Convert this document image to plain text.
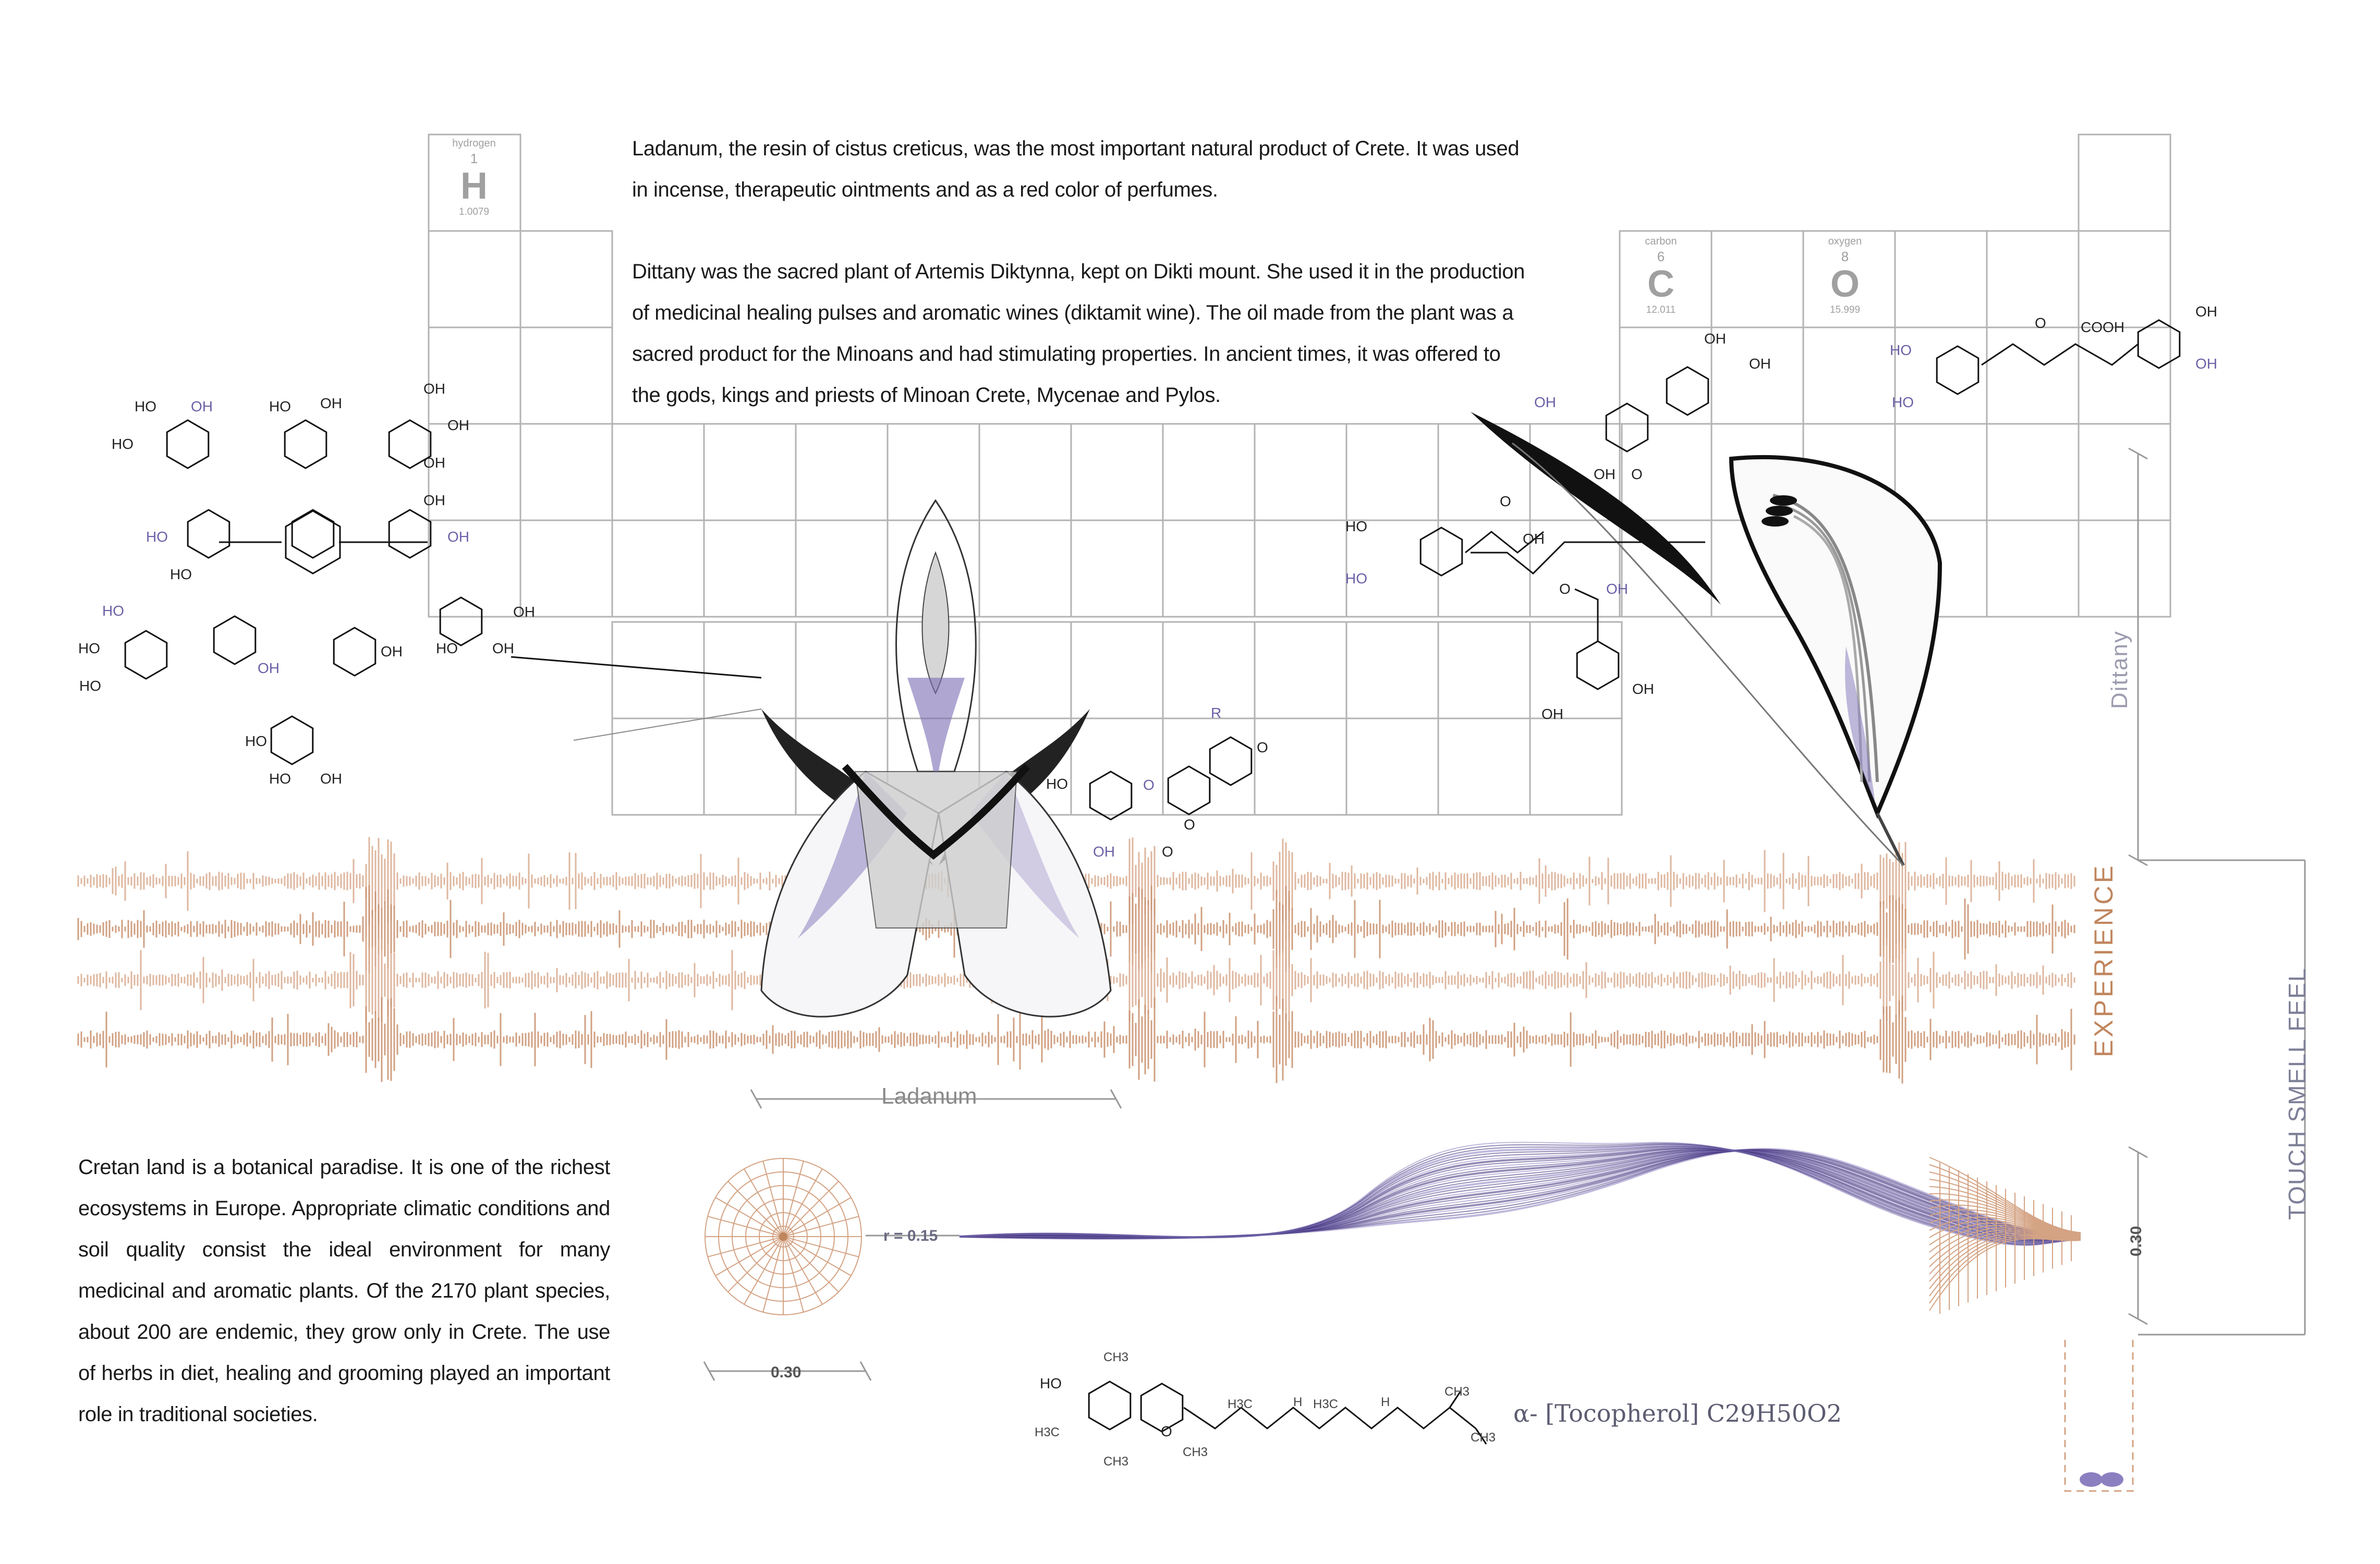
Ladanum, the resin of cistus creticus, was the most important natural product of Crete. It was used in incense, therapeutic ointments and as a red color of perfumes.

Dittany was the sacred plant of Artemis Diktynna, kept on Dikti mount. She used it in the production of medicinal healing pulses and aromatic wines (diktamit wine). The oil made from the plant was a sacred product for the Minoans and had stimulating properties. In ancient times, it was offered to the gods, kings and priests of Minoan Crete, Mycenae and Pylos.

Cretan land is a botanical paradise. It is one of the richest ecosystems in Europe. Appropriate climatic conditions and soil quality consist the ideal environment for many medicinal and aromatic plants. Of the 2170 plant species, about 200 are endemic, they grow only in Crete. The use of herbs in diet, healing and grooming played an important role in traditional societies.

hydrogen
1
H
1.0079
carbon
6
C
12.011
oxygen
8
O
15.999
Ladanum
Dittany
EXPERIENCE
TOUCH SMELL FEEL
r = 0.15
0.30
0.30
α- [Tocopherol] C29H50O2
HO OH
HO
HO OH
OH
OH
OH
HO
OH
OH
HO
HO
HO
OH
OH
HO OH
OH
HO
HO
HO OH
OH
OH
OH
OH O
HO
HO
O COOH
OH
OH
HO
HO
O
OH
O OH
OH
OH
R
O
HO	O
O
OH	O
CH3
HO
H3C	O
CH3
CH3
H3C	H H3C	H
CH3
CH3
